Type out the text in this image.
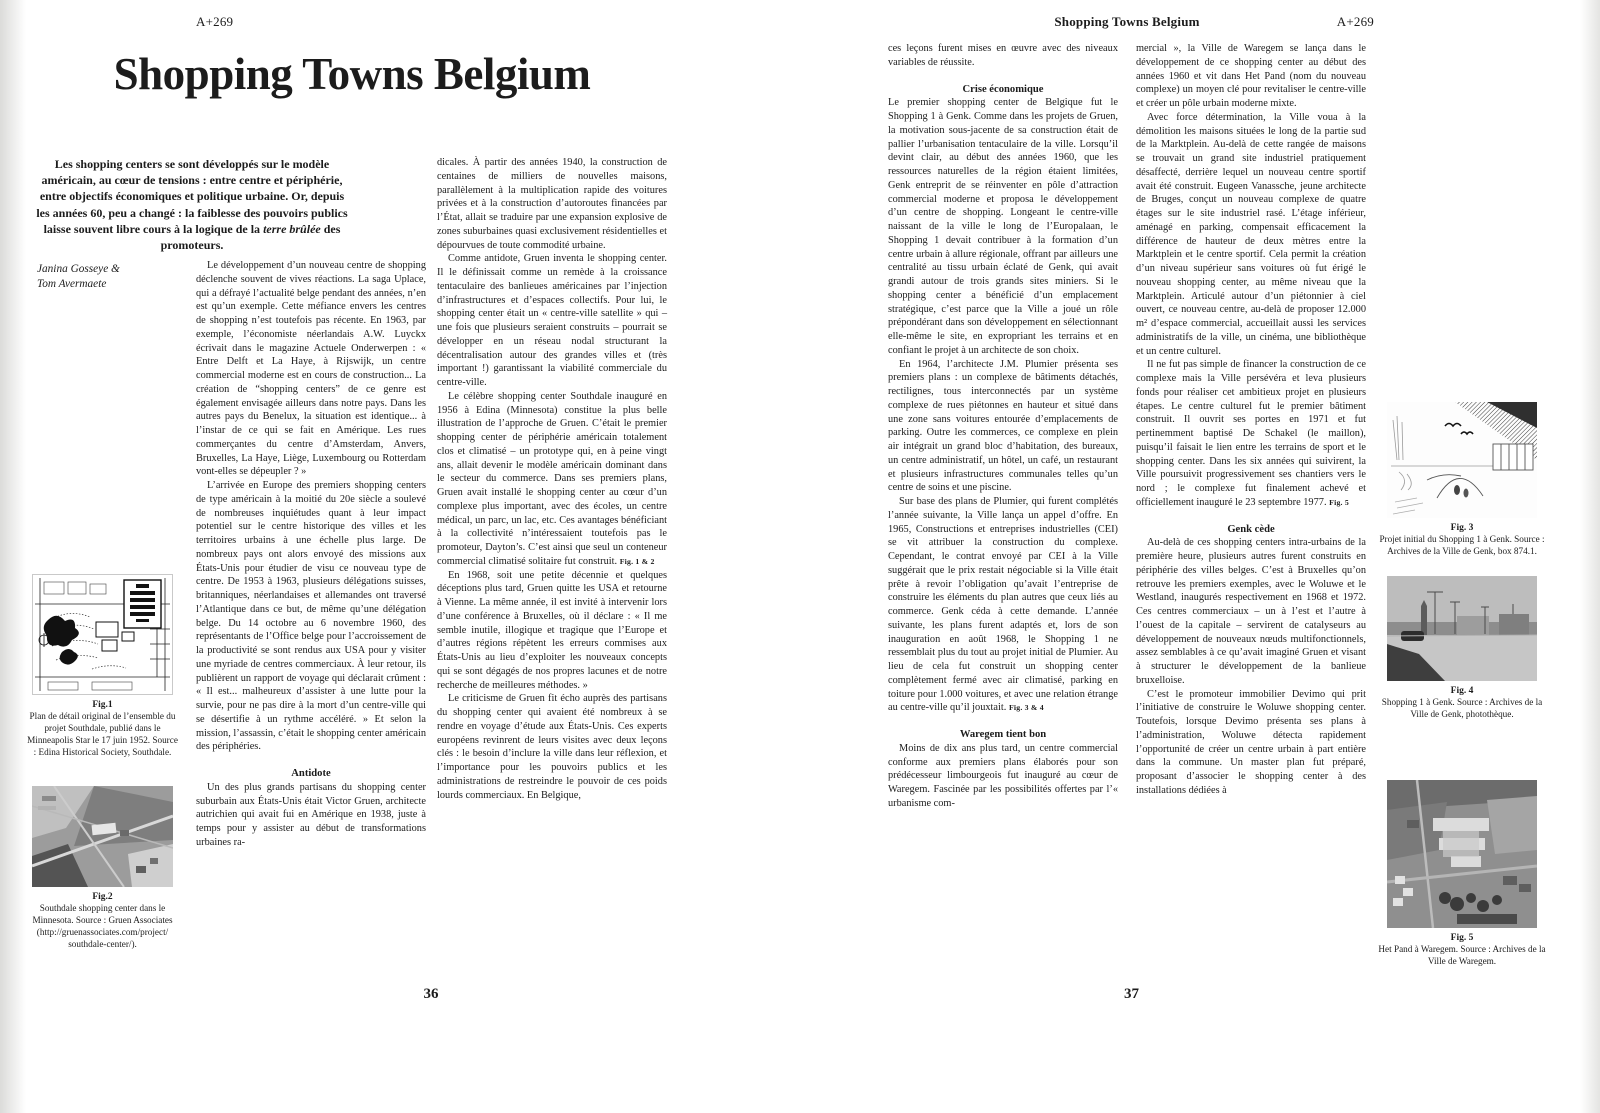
A+269
Shopping Towns Belgium

Les shopping centers se sont développés sur le modèle américain, au cœur de tensions : entre centre et périphérie, entre objectifs économiques et politique urbaine. Or, depuis les années 60, peu a changé : la faiblesse des pouvoirs publics laisse souvent libre cours à la logique de la terre brûlée des promoteurs.

Janina Gosseye &
Tom Avermaete

Le développement d’un nouveau centre de shopping déclenche souvent de vives réactions. La saga Uplace, qui a défrayé l’actualité belge pendant des années, n’en est qu’un exemple. Cette méfiance envers les centres de shopping n’est toutefois pas récente. En 1963, par exemple, l’économiste néerlandais A.W. Luyckx écrivait dans le magazine Actuele Onderwerpen : « Entre Delft et La Haye, à Rijswijk, un centre commercial moderne est en cours de construction... La création de “shopping centers” de ce genre est également envisagée ailleurs dans notre pays. Dans les autres pays du Benelux, la situation est identique... à l’instar de ce qui se fait en Amérique. Les rues commerçantes du centre d’Amsterdam, Anvers, Bruxelles, La Haye, Liège, Luxembourg ou Rotterdam vont-elles se dépeupler ? »

L’arrivée en Europe des premiers shopping centers de type américain à la moitié du 20e siècle a soulevé de nombreuses inquiétudes quant à leur impact potentiel sur le centre historique des villes et les territoires urbains à une échelle plus large. De nombreux pays ont alors envoyé des missions aux États-Unis pour étudier de visu ce nouveau type de centre. De 1953 à 1963, plusieurs délégations suisses, britanniques, néerlandaises et allemandes ont traversé l’Atlantique dans ce but, de même qu’une délégation belge. Du 14 octobre au 6 novembre 1960, des représentants de l’Office belge pour l’accroissement de la productivité se sont rendus aux USA pour y visiter une myriade de centres commerciaux. À leur retour, ils publièrent un rapport de voyage qui déclarait crûment : « Il est... malheureux d’assister à une lutte pour la survie, pour ne pas dire à la mort d’un centre-ville qui se désertifie à un rythme accéléré. » Et selon la mission, l’assassin, c’était le shopping center américain des périphéries.

Antidote

Un des plus grands partisans du shopping center suburbain aux États-Unis était Victor Gruen, architecte autrichien qui avait fui en Amérique en 1938, juste à temps pour y assister au début de transformations urbaines ra-

dicales. À partir des années 1940, la construction de centaines de milliers de nouvelles maisons, parallèlement à la multiplication rapide des voitures privées et à la construction d’autoroutes financées par l’État, allait se traduire par une expansion explosive de zones suburbaines quasi exclusivement résidentielles et dépourvues de toute commodité urbaine.

Comme antidote, Gruen inventa le shopping center. Il le définissait comme un remède à la croissance tentaculaire des banlieues américaines par l’injection d’infrastructures et d’espaces collectifs. Pour lui, le shopping center était un « centre-ville satellite » qui – une fois que plusieurs seraient construits – pourrait se développer en un réseau nodal structurant la décentralisation autour des grandes villes et (très important !) garantissant la viabilité commerciale du centre-ville.

Le célèbre shopping center Southdale inauguré en 1956 à Edina (Minnesota) constitue la plus belle illustration de l’approche de Gruen. C’était le premier shopping center de périphérie américain totalement clos et climatisé – un prototype qui, en à peine vingt ans, allait devenir le modèle américain dominant dans le secteur du commerce. Dans ses premiers plans, Gruen avait installé le shopping center au cœur d’un complexe plus important, avec des écoles, un centre médical, un parc, un lac, etc. Ces avantages bénéficiant à la collectivité n’intéressaient toutefois pas le promoteur, Dayton’s. C’est ainsi que seul un conteneur commercial climatisé solitaire fut construit. Fig. 1 & 2

En 1968, soit une petite décennie et quelques déceptions plus tard, Gruen quitte les USA et retourne à Vienne. La même année, il est invité à intervenir lors d’une conférence à Bruxelles, où il déclare : « Il me semble inutile, illogique et tragique que l’Europe et d’autres régions répètent les erreurs commises aux États-Unis au lieu d’exploiter les nouveaux concepts qui se sont dégagés de nos propres lacunes et de notre recherche de meilleures méthodes. »

Le criticisme de Gruen fit écho auprès des partisans du shopping center qui avaient été nombreux à se rendre en voyage d’étude aux États-Unis. Ces experts européens revinrent de leurs visites avec deux leçons clés : le besoin d’inclure la ville dans leur réflexion, et l’importance pour les pouvoirs publics et les administrations de restreindre le pouvoir de ces poids lourds commerciaux. En Belgique,

Fig.1
Plan de détail original de l’ensemble du projet Southdale, publié dans le Minneapolis Star le 17 juin 1952. Source : Edina Historical Society, Southdale.
Fig.2
Southdale shopping center dans le Minnesota. Source : Gruen Associates (http://gruenassociates.com/project/ southdale-center/).
36
Shopping Towns Belgium	A+269

ces leçons furent mises en œuvre avec des niveaux variables de réussite.

Crise économique

Le premier shopping center de Belgique fut le Shopping 1 à Genk. Comme dans les projets de Gruen, la motivation sous-jacente de sa construction était de pallier l’urbanisation tentaculaire de la ville. Lorsqu’il devint clair, au début des années 1960, que les ressources naturelles de la région étaient limitées, Genk entreprit de se réinventer en pôle d’attraction commercial moderne et proposa le développement d’un centre de shopping. Longeant le centre-ville naissant de la ville le long de l’Europalaan, le Shopping 1 devait contribuer à la formation d’un centre urbain à allure régionale, offrant par ailleurs une centralité au tissu urbain éclaté de Genk, qui avait grandi autour de trois grands sites miniers. Si le shopping center a bénéficié d’un emplacement stratégique, c’est parce que la Ville a joué un rôle prépondérant dans son développement en sélectionnant elle-même le site, en expropriant les terrains et en confiant le projet à un architecte de son choix.

En 1964, l’architecte J.M. Plumier présenta ses premiers plans : un complexe de bâtiments détachés, rectilignes, tous interconnectés par un système complexe de rues piétonnes en hauteur et situé dans une zone sans voitures entourée d’emplacements de parking. Outre les commerces, ce complexe en plein air intégrait un grand bloc d’habitation, des bureaux, un centre administratif, un hôtel, un café, un restaurant et plusieurs infrastructures communales telles qu’un centre de soins et une piscine.

Sur base des plans de Plumier, qui furent complétés l’année suivante, la Ville lança un appel d’offre. En 1965, Constructions et entreprises industrielles (CEI) se vit attribuer la construction du complexe. Cependant, le contrat envoyé par CEI à la Ville suggérait que le prix restait négociable si la Ville était prête à revoir l’obligation qu’avait l’entreprise de construire les éléments du plan autres que ceux liés au commerce. Genk céda à cette demande. L’année suivante, les plans furent adaptés et, lors de son inauguration en août 1968, le Shopping 1 ne ressemblait plus du tout au projet initial de Plumier. Au lieu de cela fut construit un shopping center complètement fermé avec air climatisé, parking en toiture pour 1.000 voitures, et avec une relation étrange au centre-ville qu’il jouxtait. Fig. 3 & 4

Waregem tient bon

Moins de dix ans plus tard, un centre commercial conforme aux premiers plans élaborés pour son prédécesseur limbourgeois fut inauguré au cœur de Waregem. Fascinée par les possibilités offertes par l’« urbanisme com-

mercial », la Ville de Waregem se lança dans le développement de ce shopping center au début des années 1960 et vit dans Het Pand (nom du nouveau complexe) un moyen clé pour revitaliser le centre-ville et créer un pôle urbain moderne mixte.

Avec force détermination, la Ville voua à la démolition les maisons situées le long de la partie sud de la Marktplein. Au-delà de cette rangée de maisons se trouvait un grand site industriel pratiquement désaffecté, derrière lequel un nouveau centre sportif avait été construit. Eugeen Vanassche, jeune architecte de Bruges, conçut un nouveau complexe de quatre étages sur le site industriel rasé. L’étage inférieur, aménagé en parking, compensait efficacement la différence de hauteur de deux mètres entre la Marktplein et le centre sportif. Cela permit la création d’un niveau supérieur sans voitures où fut érigé le nouveau shopping center, au même niveau que la Marktplein. Articulé autour d’un piétonnier à ciel ouvert, ce nouveau centre, au-delà de proposer 12.000 m² d’espace commercial, accueillait aussi les services administratifs de la ville, un cinéma, une bibliothèque et un centre culturel.

Il ne fut pas simple de financer la construction de ce complexe mais la Ville persévéra et leva plusieurs fonds pour réaliser cet ambitieux projet en plusieurs étapes. Le centre culturel fut le premier bâtiment construit. Il ouvrit ses portes en 1971 et fut pertinemment baptisé De Schakel (le maillon), puisqu’il faisait le lien entre les terrains de sport et le shopping center. Dans les six années qui suivirent, la Ville poursuivit progressivement ses chantiers vers le nord ; le complexe fut finalement achevé et officiellement inauguré le 23 septembre 1977. Fig. 5

Genk cède

Au-delà de ces shopping centers intra-urbains de la première heure, plusieurs autres furent construits en périphérie des villes belges. C’est à Bruxelles qu’on retrouve les premiers exemples, avec le Woluwe et le Westland, inaugurés respectivement en 1968 et 1972. Ces centres commerciaux – un à l’est et l’autre à l’ouest de la capitale – servirent de catalyseurs au développement de nouveaux nœuds multifonctionnels, assez semblables à ce qu’avait imaginé Gruen et visant à structurer le développement de la banlieue bruxelloise.

C’est le promoteur immobilier Devimo qui prit l’initiative de construire le Woluwe shopping center. Toutefois, lorsque Devimo présenta ses plans à l’administration, Woluwe détecta rapidement l’opportunité de créer un centre urbain à part entière dans la commune. Un master plan fut préparé, proposant d’associer le shopping center à des installations dédiées à

Fig. 3
Projet initial du Shopping 1 à Genk. Source : Archives de la Ville de Genk, box 874.1.
Fig. 4
Shopping 1 à Genk. Source : Archives de la Ville de Genk, photothèque.
Fig. 5
Het Pand à Waregem. Source : Archives de la Ville de Waregem.
37
